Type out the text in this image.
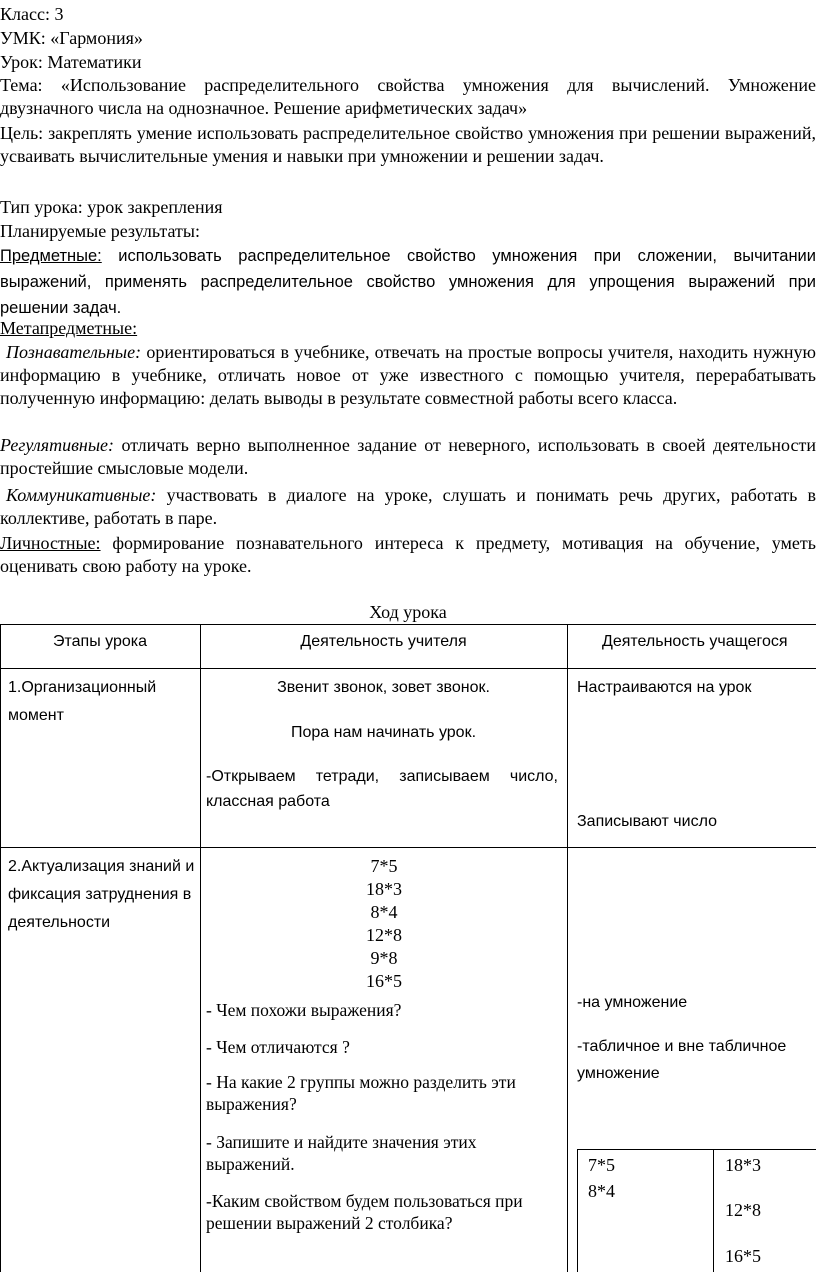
Класс: 3
УМК: «Гармония»
Урок: Математики
Тема: «Использование распределительного свойства умножения для вычислений. Умножение двузначного числа на однозначное. Решение арифметических задач»
Цель: закреплять умение использовать распределительное свойство умножения при решении выражений, усваивать вычислительные умения и навыки при умножении и решении задач.
Тип урока: урок закрепления
Планируемые результаты:
Предметные: использовать распределительное свойство умножения при сложении, вычитании выражений, применять распределительное свойство умножения для упрощения выражений при решении задач.
Метапредметные:
Познавательные: ориентироваться в учебнике, отвечать на простые вопросы учителя, находить нужную информацию в учебнике, отличать новое от уже известного с помощью учителя, перерабатывать полученную информацию: делать выводы в результате совместной работы всего класса.
Регулятивные: отличать верно выполненное задание от неверного, использовать в своей деятельности простейшие смысловые модели.
Коммуникативные: участвовать в диалоге на уроке, слушать и понимать речь других, работать в коллективе, работать в паре.
Личностные: формирование познавательного интереса к предмету, мотивация на обучение, уметь оценивать свою работу на уроке.
Ход урока
Этапы урока	Деятельность учителя	Деятельность учащегося
1.Организационный момент
Звенит звонок, зовет звонок.
Пора нам начинать урок.
-Открываем тетради, записываем число, классная работа
Настраиваются на урок
Записывают число
2.Актуализация знаний и фиксация затруднения в деятельности
7*5
18*3
8*4
12*8
9*8
16*5
- Чем похожи выражения?
- Чем отличаются ?
- На какие 2 группы можно разделить эти выражения?
- Запишите и найдите значения этих выражений.
-Каким свойством будем пользоваться при решении выражений 2 столбика?
-на умножение
-табличное и вне табличное умножение
7*5
8*4
18*3
12*8
16*5
